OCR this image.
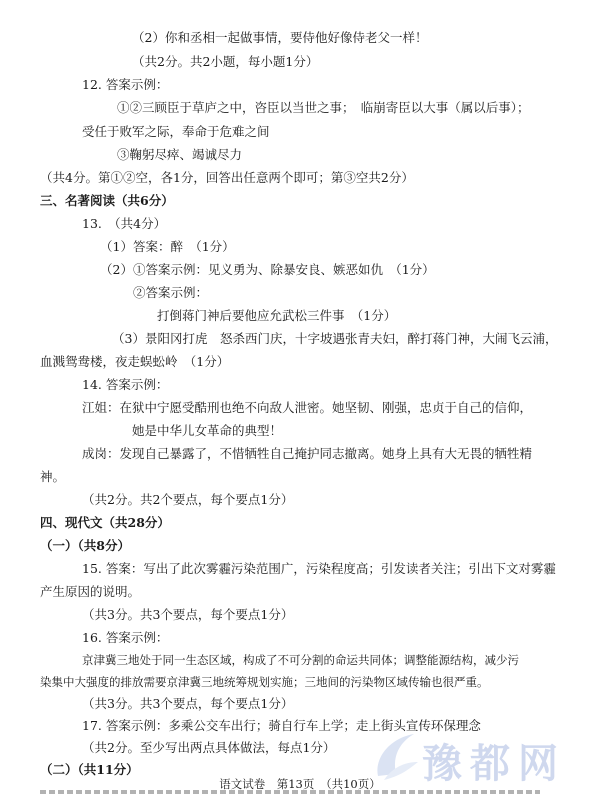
（2）你和丞相一起做事情，要侍他好像侍老父一样！
（共2分。共2小题，每小题1分）
12. 答案示例：
①②三顾臣于草庐之中，咨臣以当世之事；　临崩寄臣以大事（属以后事）；
受任于败军之际，奉命于危难之间
③鞠躬尽瘁、竭诚尽力
（共4分。第①②空，各1分，回答出任意两个即可；第③空共2分）
三、名著阅读（共6分）
13.　（共4分）
（1）答案：醉　（1分）
（2）①答案示例：见义勇为、除暴安良、嫉恶如仇　（1分）
②答案示例：
打倒蒋门神后要他应允武松三件事　（1分）
（3）景阳冈打虎　怒杀西门庆，十字坡遇张青夫妇，醉打蒋门神，大闹飞云浦，
血溅鸳鸯楼，夜走蜈蚣岭　（1分）
14. 答案示例：
江姐：在狱中宁愿受酷刑也绝不向敌人泄密。她坚韧、刚强，忠贞于自己的信仰，
她是中华儿女革命的典型！
成岗：发现自己暴露了，不惜牺牲自己掩护同志撤离。她身上具有大无畏的牺牲精
神。
（共2分。共2个要点，每个要点1分）
四、现代文（共28分）
（一）（共8分）
15. 答案：写出了此次雾霾污染范围广，污染程度高；引发读者关注；引出下文对雾霾
产生原因的说明。
（共3分。共3个要点，每个要点1分）
16. 答案示例：
京津冀三地处于同一生态区域，构成了不可分割的命运共同体；调整能源结构，减少污
染集中大强度的排放需要京津冀三地统筹规划实施；三地间的污染物区域传输也很严重。
（共3分。共3个要点，每个要点1分）
17. 答案示例：多乘公交车出行；骑自行车上学；走上街头宣传环保理念
（共2分。至少写出两点具体做法，每点1分）
（二）（共11分）	豫都网
语文试卷　第13页　（共10页）
